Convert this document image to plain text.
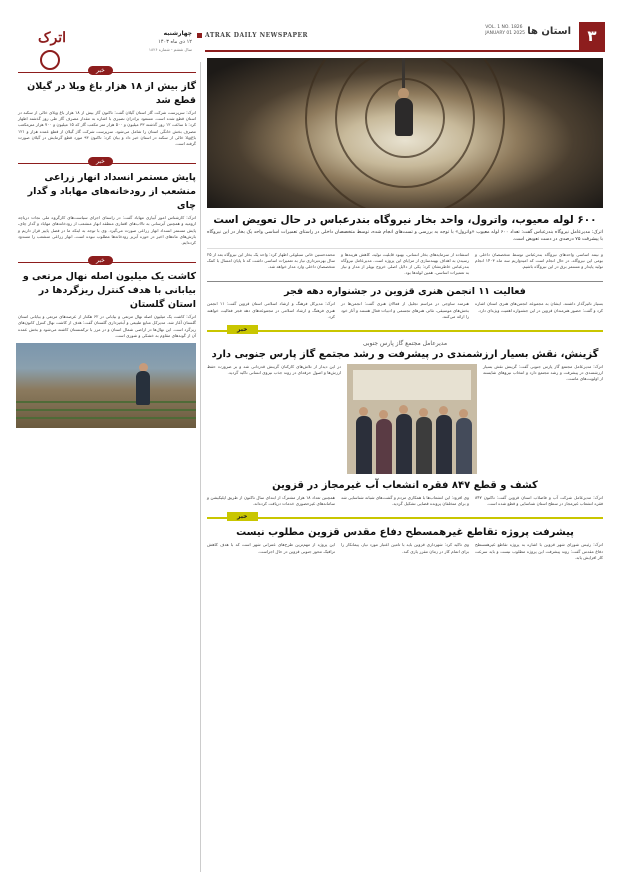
۳
استان ها
VOL. 1 NO. 1826
JANUARY 01 2025
ATRAK DAILY NEWSPAPER
اترک	چهارشنبه
۱۲ دی ماه ۱۴۰۳
سال ششم - شماره ۱۸۲۶
خبر
گاز بیش از ۱۸ هزار باغ ویلا در گیلان قطع شد
اترک: سرپرست شرکت گاز استان گیلان گفت: تاکنون گاز بیش از ۱۸ هزار باغ ویلای خالی از سکنه در استان قطع شده است. مسعود برادران نصیری با اشاره به مقدار مصرف گاز طی روز گذشته اظهار کرد: تا ساعت ۱۲ روز گذشته ۳۳ میلیون و ۵۰۰ هزار متر مکعب گاز که ۱۵ میلیون و ۷۰۰ هزار مترمکعب مصرف بخش خانگی استان را شامل می‌شود. سرپرست شرکت گاز گیلان از قطع عمده هزار و ۱۲۱ باغ‌ویلا خالی از سکنه در استان خبر داد و بیان کرد: تاکنون ۹۳ مورد قطع گرمایش در گیلان صورت گرفته است.
خبر
پایش مستمر انسداد انهار زراعی منشعب از رودخانه‌های مهاباد و گدار چای
اترک: کارشناس امور آبیاری مهاباد گفت: در راستای اجرای سیاست‌های کارگروه ملی نجات دریاچه ارومیه و همچنین آبرسانی به تالاب‌های اقماری منطقه انهار منشعب از رودخانه‌های مهاباد و گدار چای، پایش مستمر انسداد انهار زراعی صورت می‌گیرد. وی با توجه به اینکه ما در فصل پاییز قرار داریم و بارش‌های ماه‌های اخیر در حوزه آبریز رودخانه‌ها مطلوب نبوده است، انهار زراعی منشعب را مسدود کرده‌ایم.
خبر
کاشت یک میلیون اصله نهال مرتعی و بیابانی با هدف کنترل ریزگردها در استان گلستان
اترک: کاشت یک میلیون اصله نهال مرتعی و بیابانی در ۶۲ هکتار از عرصه‌های مرتعی و بیابانی استان گلستان آغاز شد. مدیرکل منابع طبیعی و آبخیزداری گلستان گفت: هدف از کاشت نهال کنترل کانون‌های ریزگرد است. این نهال‌ها در اراضی شمال استان و در مرز با ترکمنستان کاشته می‌شود و بخش عمده آن از گونه‌های مقاوم به خشکی و شوری است.
۶۰۰ لوله معیوب، واترول، واحد بخار نیروگاه بندرعباس در حال تعویض است
اترک: مدیرعامل نیروگاه بندرعباس گفت: تعداد ۶۰۰ لوله معیوب «واترول» با توجه به بررسی و تست‌های انجام شده، توسط متخصصان داخلی در راستای تعمیرات اساسی واحد یک بخار در این نیروگاه با پیشرفت ۷۵ درصدی در دست تعویض است.
و نیمه اساسی واحدهای نیروگاه بندرعباس توسط متخصصان داخلی و بومی این نیروگاه، در حال انجام است که امیدواریم سه ماه ۱۴۰۳ انجام تولید پایدار و مستمر برق در این نیروگاه باشیم.
استفاده از سرمایه‌های بخار انسانی، بهبود قابلیت تولید، کاهش هزینه‌ها و رسیدن به اهداف بهینه‌سازی از مزایای این پروژه است. مدیرعامل نیروگاه بندرعباس خاطرنشان کرد: یکی از دلایل اصلی خروج بویلر از مدار و نیاز به تعمیرات اساسی، همین لوله‌ها بود.
محمدحسین خانی سبلوغی اظهار کرد: واحد یک بخار این نیروگاه بعد از ۲۵ سال بهره‌برداری نیاز به تعمیرات اساسی داشت که تا پایان امسال با کمک متخصصان داخلی وارد مدار خواهد شد.
فعالیت ۱۱ انجمن هنری قزوین در جشنواره دهه فجر
بسیار تاثیرگذار داشتند. ایشان به مجموعه انجمن‌های هنری استان اشاره کرد و گفت: حضور هنرمندان قزوین در این جشنواره اهمیت ویژه‌ای دارد.
هنرمند ساوجی در مراسم تجلیل از فعالان هنری گفت: انجمن‌ها در بخش‌های موسیقی، تئاتر، هنرهای تجسمی و ادبیات فعال هستند و آثار خود را ارائه می‌کنند.
اترک: مدیرکل فرهنگ و ارشاد اسلامی استان قزوین گفت: ۱۱ انجمن هنری فرهنگ و ارشاد اسلامی در مجموعه‌های دهه فجر فعالیت خواهند کرد.
خبر
مدیرعامل مجتمع گاز پارس جنوبی
گزینش، نقش بسیار ارزشمندی در پیشرفت و رشد مجتمع گاز پارس جنوبی دارد
اترک: مدیرعامل مجتمع گاز پارس جنوبی گفت: گزینش نقش بسیار ارزشمندی در پیشرفت و رشد مجتمع دارد و انتخاب نیروهای شایسته از اولویت‌های ماست.
در این دیدار از تلاش‌های کارکنان گزینش قدردانی شد و بر ضرورت حفظ ارزش‌ها و اصول حرفه‌ای در روند جذب نیروی انسانی تاکید گردید.
کشف و قطع ۸۴۷ فقره انشعاب آب غیرمجاز در قزوین
اترک: مدیرعامل شرکت آب و فاضلاب استان قزوین گفت: تاکنون ۸۴۷ فقره انشعاب غیرمجاز در سطح استان شناسایی و قطع شده است.
وی افزود: این انشعاب‌ها با همکاری مردم و گشت‌های شبانه شناسایی شد و برای متخلفان پرونده قضایی تشکیل گردید.
همچنین تعداد ۱۸ هزار مشترک از ابتدای سال تاکنون از طریق اپلیکیشن و سامانه‌های غیرحضوری خدمات دریافت کرده‌اند.
خبر
پیشرفت پروژه تقاطع غیرهمسطح دفاع مقدس قزوین مطلوب نیست
اترک: رئیس شورای شهر قزوین با اشاره به پروژه تقاطع غیرهمسطح دفاع مقدس گفت: روند پیشرفت این پروژه مطلوب نیست و باید سرعت کار افزایش یابد.
وی تاکید کرد: شهرداری قزوین باید با تامین اعتبار مورد نیاز، پیمانکار را برای اتمام کار در زمان مقرر یاری کند.
این پروژه از مهم‌ترین طرح‌های عمرانی شهر است که با هدف کاهش ترافیک محور جنوبی قزوین در حال اجراست.
